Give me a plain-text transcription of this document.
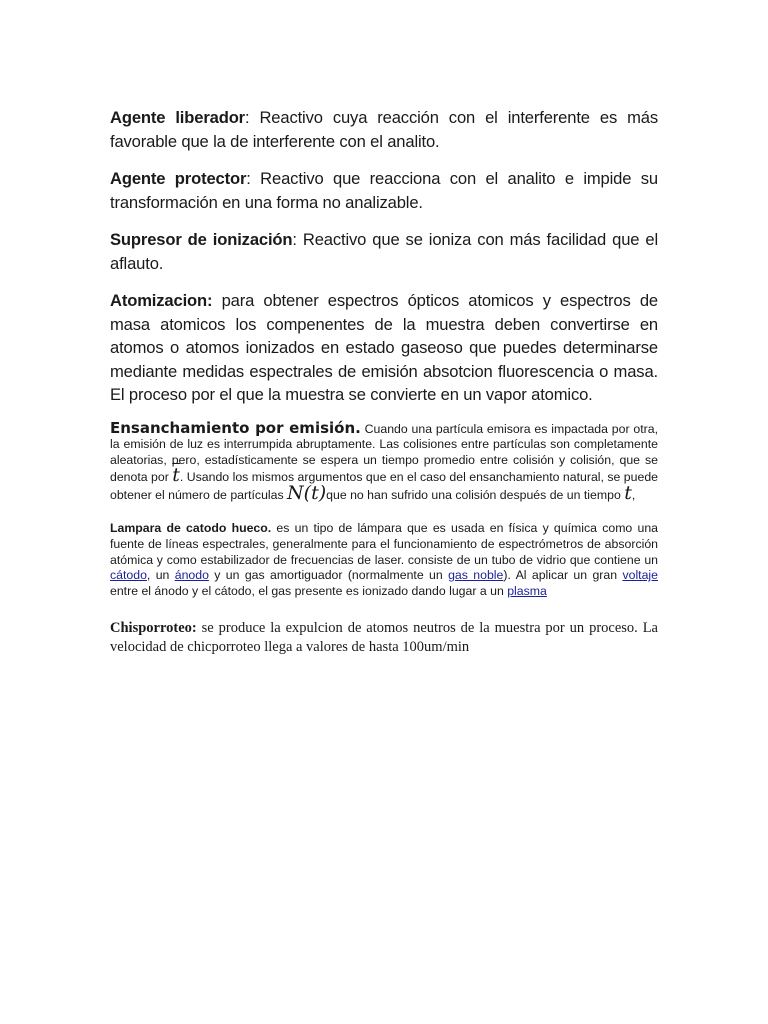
Agente liberador: Reactivo cuya reacción con el interferente es más favorable que la de interferente con el analito.

Agente protector: Reactivo que reacciona con el analito e impide su transformación en una forma no analizable.

Supresor de ionización: Reactivo que se ioniza con más facilidad que el aflauto.

Atomizacion: para obtener espectros ópticos atomicos y espectros de masa atomicos los compenentes de la muestra deben convertirse en atomos o atomos ionizados en estado gaseoso que puedes determinarse mediante medidas espectrales de emisión absotcion fluorescencia o masa. El proceso por el que la muestra se convierte en un vapor atomico.

Ensanchamiento por emisión. Cuando una partícula emisora es impactada por otra, la emisión de luz es interrumpida abruptamente. Las colisiones entre partículas son completamente aleatorias, pero, estadísticamente se espera un tiempo promedio entre colisión y colisión, que se denota por $\overline{t}$. Usando los mismos argumentos que en el caso del ensanchamiento natural, se puede obtener el número de partículas N(t)que no han sufrido una colisión después de un tiempo t,

Lampara de catodo hueco. es un tipo de lámpara que es usada en física y química como una fuente de líneas espectrales, generalmente para el funcionamiento de espectrómetros de absorción atómica y como estabilizador de frecuencias de laser. consiste de un tubo de vidrio que contiene un cátodo, un ánodo y un gas amortiguador (normalmente un gas noble). Al aplicar un gran voltaje entre el ánodo y el cátodo, el gas presente es ionizado dando lugar a un plasma

Chisporroteo: se produce la expulcion de atomos neutros de la muestra por un proceso. La velocidad de chicporroteo llega a valores de hasta 100um/min
